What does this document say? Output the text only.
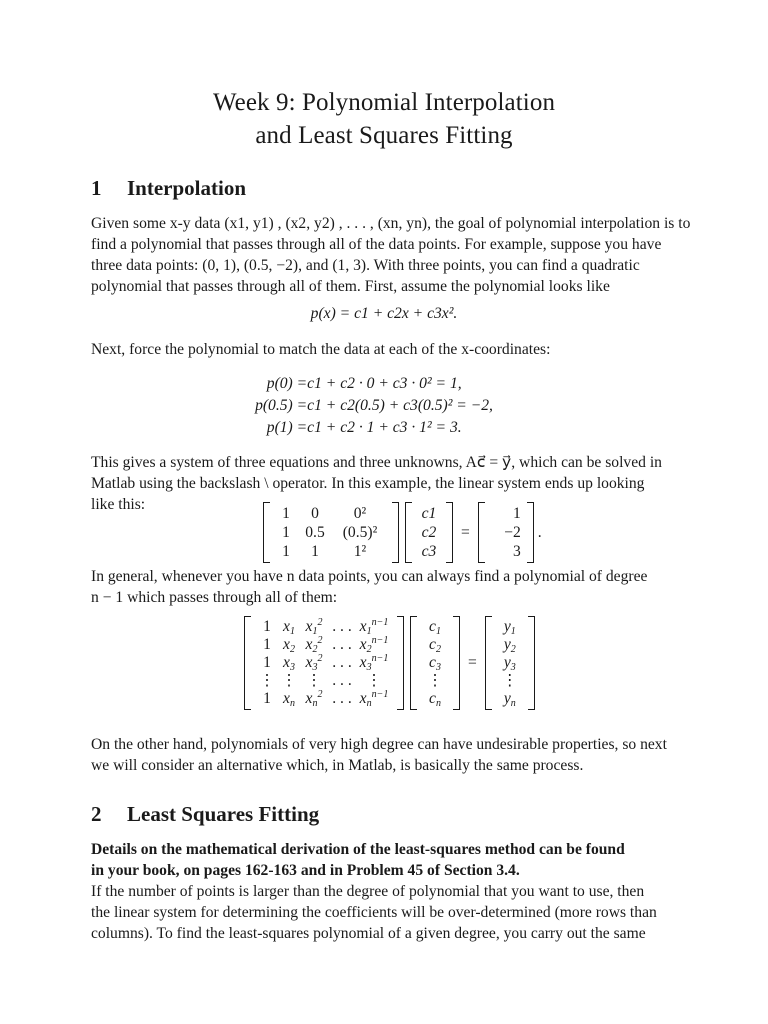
Week 9: Polynomial Interpolation
and Least Squares Fitting
1 Interpolation
Given some x-y data (x1, y1) , (x2, y2) , . . . , (xn, yn), the goal of polynomial interpolation is to
find a polynomial that passes through all of the data points. For example, suppose you have
three data points: (0, 1), (0.5, −2), and (1, 3). With three points, you can find a quadratic
polynomial that passes through all of them. First, assume the polynomial looks like
p(x) = c1 + c2x + c3x².
Next, force the polynomial to match the data at each of the x-coordinates:
p(0) = c1 + c2 · 0 + c3 · 0² = 1,
p(0.5) = c1 + c2(0.5) + c3(0.5)² = −2,
p(1) = c1 + c2 · 1 + c3 · 1² = 3.
This gives a system of three equations and three unknowns, Ac⃗ = y⃗, which can be solved in
Matlab using the backslash \ operator. In this example, the linear system ends up looking
like this:
1	0	0²
1 0.5	(0.5)²
1	1	1²
c1
c2
c3
=
1
−2
3
.
In general, whenever you have n data points, you can always find a polynomial of degree
n − 1 which passes through all of them:
1 $x_1$ $x_1^2$ . . . $x_1^{n-1}$
1 $x_2$ $x_2^2$ . . . $x_2^{n-1}$
1 $x_3$ $x_3^2$ . . . $x_3^{n-1}$
⋮ ⋮ ⋮ . . . ⋮
1 $x_n$ $x_n^2$ . . . $x_n^{n-1}$
$c_1$
$c_2$
$c_3$
⋮
$c_n$
=
$y_1$
$y_2$
$y_3$
⋮
$y_n$
On the other hand, polynomials of very high degree can have undesirable properties, so next
we will consider an alternative which, in Matlab, is basically the same process.
2 Least Squares Fitting
Details on the mathematical derivation of the least-squares method can be found
in your book, on pages 162-163 and in Problem 45 of Section 3.4.
If the number of points is larger than the degree of polynomial that you want to use, then
the linear system for determining the coefficients will be over-determined (more rows than
columns). To find the least-squares polynomial of a given degree, you carry out the same
